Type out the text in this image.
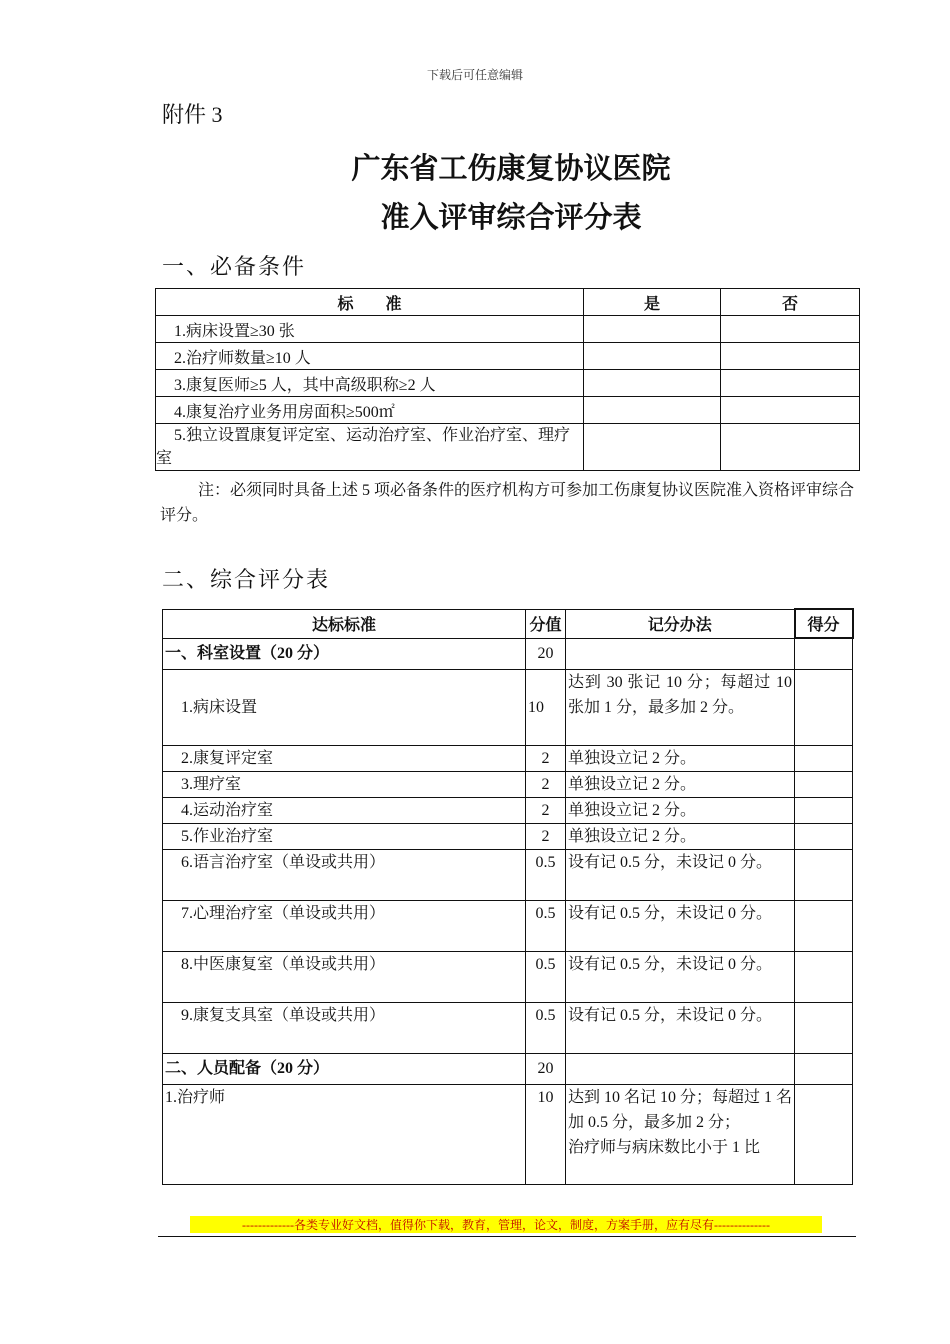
下载后可任意编辑
附件 3
广东省工伤康复协议医院
准入评审综合评分表
一、必备条件
标　　准	是	否
1.病床设置≥30 张		
2.治疗师数量≥10 人		
3.康复医师≥5 人，其中高级职称≥2 人		
4.康复治疗业务用房面积≥500㎡		
5.独立设置康复评定室、运动治疗室、作业治疗室、理疗室		
注：必须同时具备上述 5 项必备条件的医疗机构方可参加工伤康复协议医院准入资格评审综合评分。
二、综合评分表
达标标准	分值	记分办法	得分
一、科室设置（20 分）	20		
1.病床设置	10	达到 30 张记 10 分；每超过 10 张加 1 分，最多加 2 分。	
2.康复评定室	2	单独设立记 2 分。	
3.理疗室	2	单独设立记 2 分。	
4.运动治疗室	2	单独设立记 2 分。	
5.作业治疗室	2	单独设立记 2 分。	
6.语言治疗室（单设或共用）	0.5	设有记 0.5 分，未设记 0 分。	
7.心理治疗室（单设或共用）	0.5	设有记 0.5 分，未设记 0 分。	
8.中医康复室（单设或共用）	0.5	设有记 0.5 分，未设记 0 分。	
9.康复支具室（单设或共用）	0.5	设有记 0.5 分，未设记 0 分。	
二、人员配备（20 分）	20		
1.治疗师	10	达到 10 名记 10 分；每超过 1 名加 0.5 分，最多加 2 分；
治疗师与病床数比小于 1 比	
-------------各类专业好文档，值得你下载，教育，管理，论文，制度，方案手册，应有尽有--------------
